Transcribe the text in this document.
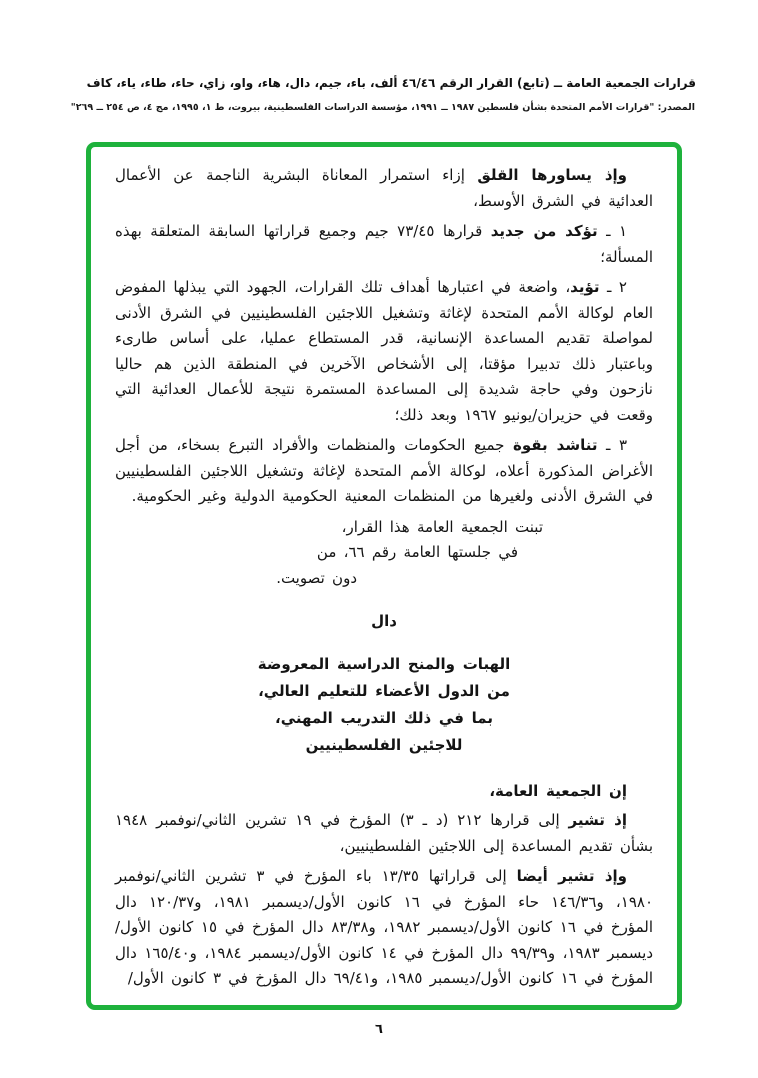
قرارات الجمعية العامة ــ (تابع) القرار الرقم ٤٦/٤٦ ألف، باء، جيم، دال، هاء، واو، زاي، حاء، طاء، ياء، كاف
المصدر: "قرارات الأمم المتحدة بشأن فلسطين ١٩٨٧ ــ ١٩٩١، مؤسسة الدراسات الفلسطينية، بيروت، ط ١، ١٩٩٥، مج ٤، ص ٢٥٤ ــ ٢٦٩"
وإذ يساورها القلق إزاء استمرار المعاناة البشرية الناجمة عن الأعمال العدائية في الشرق الأوسط،
١ ـ تؤكد من جديد قرارها ٧٣/٤٥ جيم وجميع قراراتها السابقة المتعلقة بهذه المسألة؛
٢ ـ تؤيد، واضعة في اعتبارها أهداف تلك القرارات، الجهود التي يبذلها المفوض العام لوكالة الأمم المتحدة لإغاثة وتشغيل اللاجئين الفلسطينيين في الشرق الأدنى لمواصلة تقديم المساعدة الإنسانية، قدر المستطاع عمليا، على أساس طارىء وباعتبار ذلك تدبيرا مؤقتا، إلى الأشخاص الآخرين في المنطقة الذين هم حاليا نازحون وفي حاجة شديدة إلى المساعدة المستمرة نتيجة للأعمال العدائية التي وقعت في حزيران/يونيو ١٩٦٧ وبعد ذلك؛
٣ ـ تناشد بقوة جميع الحكومات والمنظمات والأفراد التبرع بسخاء، من أجل الأغراض المذكورة أعلاه، لوكالة الأمم المتحدة لإغاثة وتشغيل اللاجئين الفلسطينيين في الشرق الأدنى ولغيرها من المنظمات المعنية الحكومية الدولية وغير الحكومية.
تبنت الجمعية العامة هذا القرار،
في جلستها العامة رقم ٦٦، من
دون تصويت.
دال
الهبات والمنح الدراسية المعروضة
من الدول الأعضاء للتعليم العالي،
بما في ذلك التدريب المهني،
للاجئين الفلسطينيين
إن الجمعية العامة،
إذ تشير إلى قرارها ٢١٢ (د ـ ٣) المؤرخ في ١٩ تشرين الثاني/نوفمبر ١٩٤٨ بشأن تقديم المساعدة إلى اللاجئين الفلسطينيين،
وإذ تشير أيضا إلى قراراتها ١٣/٣٥ باء المؤرخ في ٣ تشرين الثاني/نوفمبر ١٩٨٠، و١٤٦/٣٦ حاء المؤرخ في ١٦ كانون الأول/ديسمبر ١٩٨١، و١٢٠/٣٧ دال المؤرخ في ١٦ كانون الأول/ديسمبر ١٩٨٢، و٨٣/٣٨ دال المؤرخ في ١٥ كانون الأول/ديسمبر ١٩٨٣، و٩٩/٣٩ دال المؤرخ في ١٤ كانون الأول/ديسمبر ١٩٨٤، و١٦٥/٤٠ دال المؤرخ في ١٦ كانون الأول/ديسمبر ١٩٨٥، و٦٩/٤١ دال المؤرخ في ٣ كانون الأول/
٦
